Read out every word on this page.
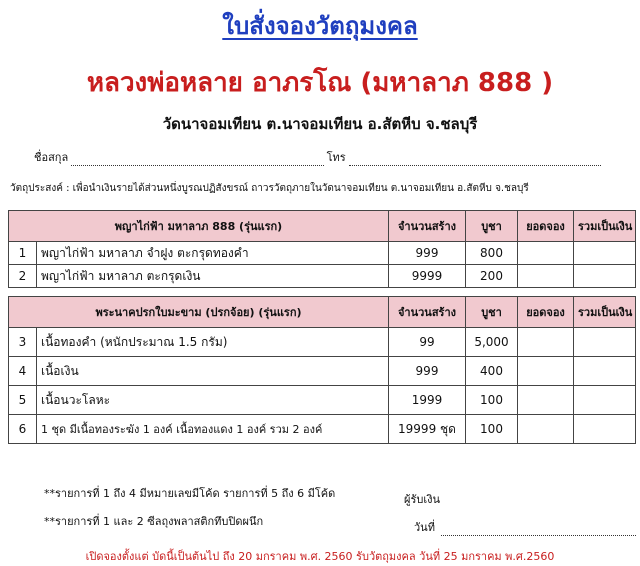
ใบสั่งจองวัตถุมงคล
หลวงพ่อหลาย อาภรโณ (มหาลาภ 888 )
วัดนาจอมเทียน ต.นาจอมเทียน อ.สัตหีบ จ.ชลบุรี
ชื่อสกุล	โทร
วัตถุประสงค์ : เพื่อนำเงินรายได้ส่วนหนึ่งบูรณปฏิสังขรณ์ ถาวรวัตถุภายในวัดนาจอมเทียน ต.นาจอมเทียน อ.สัตหีบ จ.ชลบุรี
พญาไก่ฟ้า มหาลาภ 888 (รุ่นแรก)		จำนวนสร้าง	บูชา	ยอดจอง	รวมเป็นเงิน
1	พญาไก่ฟ้า มหาลาภ จำฝูง ตะกรุดทองคำ	999	800		
2	พญาไก่ฟ้า มหาลาภ ตะกรุดเงิน	9999	200		

พระนาคปรกใบมะขาม (ปรกจ้อย) (รุ่นแรก)		จำนวนสร้าง	บูชา	ยอดจอง	รวมเป็นเงิน
3	เนื้อทองคำ (หนักประมาณ 1.5 กรัม)	99	5,000		
4	เนื้อเงิน	999	400		
5	เนื้อนวะโลหะ	1999	100		
6	1 ชุด มีเนื้อทองระฆัง 1 องค์ เนื้อทองแดง 1 องค์ รวม 2 องค์	19999 ชุด	100		
**รายการที่ 1 ถึง 4 มีหมายเลขมีโค้ด รายการที่ 5 ถึง 6 มีโค้ด
**รายการที่ 1 และ 2 ซีลถุงพลาสติกทึบปิดผนึก
ผู้รับเงิน
วันที่
เปิดจองตั้งแต่ บัดนี้เป็นต้นไป ถึง 20 มกราคม พ.ศ. 2560 รับวัตถุมงคล วันที่ 25 มกราคม พ.ศ.2560
